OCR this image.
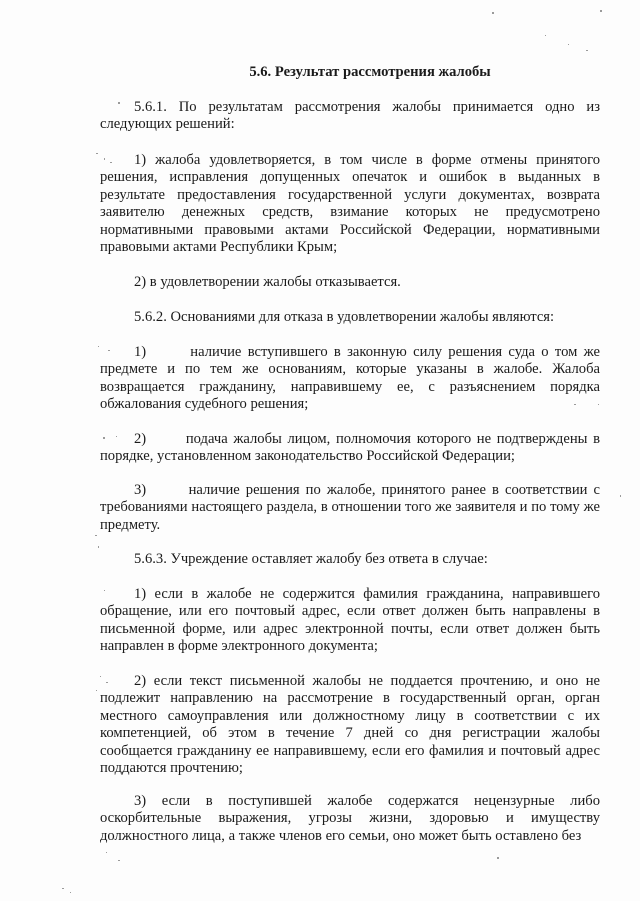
5.6. Результат рассмотрения жалобы

5.6.1. По результатам рассмотрения жалобы принимается одно из следующих решений:

1) жалоба удовлетворяется, в том числе в форме отмены принятого решения, исправления допущенных опечаток и ошибок в выданных в результате предоставления государственной услуги документах, возврата заявителю денежных средств, взимание которых не предусмотрено нормативными правовыми актами Российской Федерации, нормативными правовыми актами Республики Крым;

2) в удовлетворении жалобы отказывается.

5.6.2. Основаниями для отказа в удовлетворении жалобы являются:

1)       наличие вступившего в законную силу решения суда о том же предмете и по тем же основаниям, которые указаны в жалобе. Жалоба возвращается гражданину, направившему ее, с разъяснением порядка обжалования судебного решения;

2)       подача жалобы лицом, полномочия которого не подтверждены в порядке, установленном законодательство Российской Федерации;

3)       наличие решения по жалобе, принятого ранее в соответствии с требованиями настоящего раздела, в отношении того же заявителя и по тому же предмету.

5.6.3. Учреждение оставляет жалобу без ответа в случае:

1) если в жалобе не содержится фамилия гражданина, направившего обращение, или его почтовый адрес, если ответ должен быть направлены в письменной форме, или адрес электронной почты, если ответ должен быть направлен в форме электронного документа;

2) если текст письменной жалобы не поддается прочтению, и оно не подлежит направлению на рассмотрение в государственный орган, орган местного самоуправления или должностному лицу в соответствии с их компетенцией, об этом в течение 7 дней со дня регистрации жалобы сообщается гражданину ее направившему, если его фамилия и почтовый адрес поддаются прочтению;

3) если в поступившей жалобе содержатся нецензурные либо оскорбительные выражения, угрозы жизни, здоровью и имуществу должностного лица, а также членов его семьи, оно может быть оставлено без
